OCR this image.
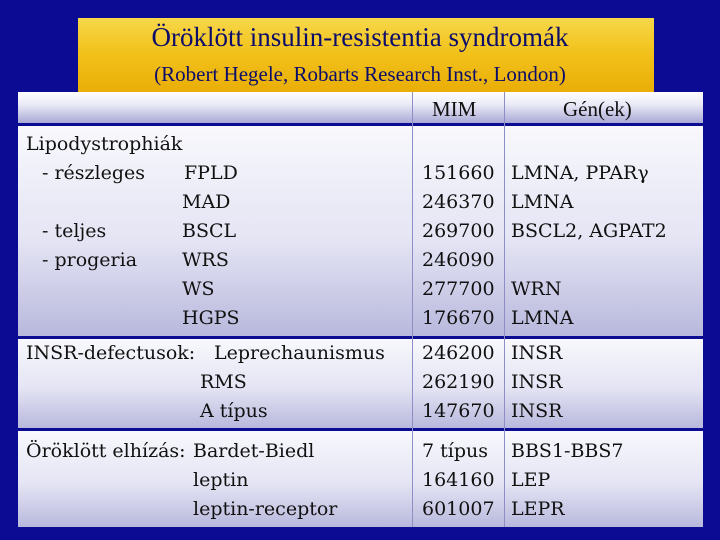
Öröklött insulin-resistentia syndromák
(Robert Hegele, Robarts Research Inst., London)
MIM	Gén(ek)
Lipodystrophiák
- részleges FPLD	151660 LMNA, PPARγ
MAD	246370 LMNA
- teljes	BSCL	269700 BSCL2, AGPAT2
- progeria WRS	246090
WS	277700 WRN
HGPS	176670 LMNA
INSR-defectusok: Leprechaunismus 246200 INSR
RMS	262190 INSR
A típus	147670 INSR
Öröklött elhízás: Bardet-Biedl	7 típus BBS1-BBS7
leptin	164160 LEP
leptin-receptor	601007 LEPR
